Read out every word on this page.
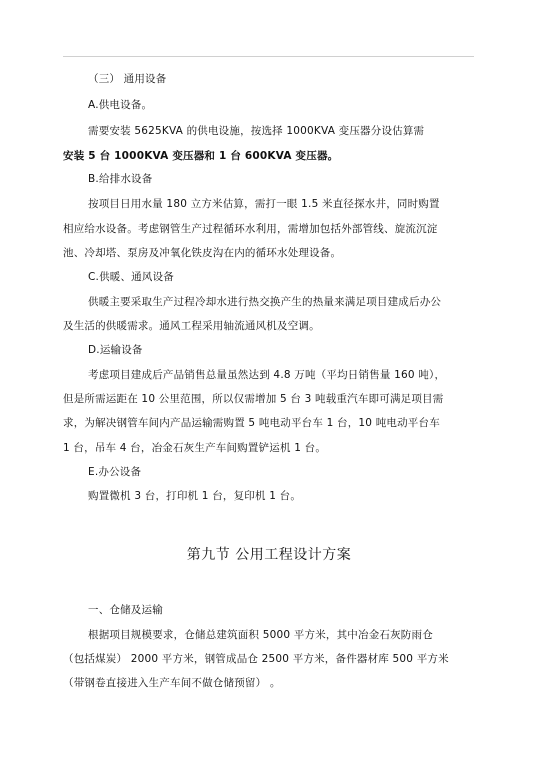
（三） 通用设备
A.供电设备。
需要安装 5625KVA 的供电设施，按选择 1000KVA 变压器分设估算需
安装 5 台 1000KVA 变压器和 1 台 600KVA 变压器。
B.给排水设备
按项目日用水量 180 立方米估算，需打一眼 1.5 米直径探水井，同时购置
相应给水设备。考虑钢管生产过程循环水利用，需增加包括外部管线、旋流沉淀
池、冷却塔、泵房及冲氧化铁皮沟在内的循环水处理设备。
C.供暖、通风设备
供暖主要采取生产过程冷却水进行热交换产生的热量来满足项目建成后办公
及生活的供暖需求。通风工程采用轴流通风机及空调。
D.运输设备
考虑项目建成后产品销售总量虽然达到 4.8 万吨（平均日销售量 160 吨），
但是所需运距在 10 公里范围，所以仅需增加 5 台 3 吨载重汽车即可满足项目需
求，为解决钢管车间内产品运输需购置 5 吨电动平台车 1 台，10 吨电动平台车
1 台，吊车 4 台，冶金石灰生产车间购置铲运机 1 台。
E.办公设备
购置微机 3 台，打印机 1 台，复印机 1 台。
第九节 公用工程设计方案
一、仓储及运输
根据项目规模要求，仓储总建筑面积 5000 平方米，其中冶金石灰防雨仓
（包括煤炭） 2000 平方米，钢管成品仓 2500 平方米，备件器材库 500 平方米
（带钢卷直接进入生产车间不做仓储预留） 。
